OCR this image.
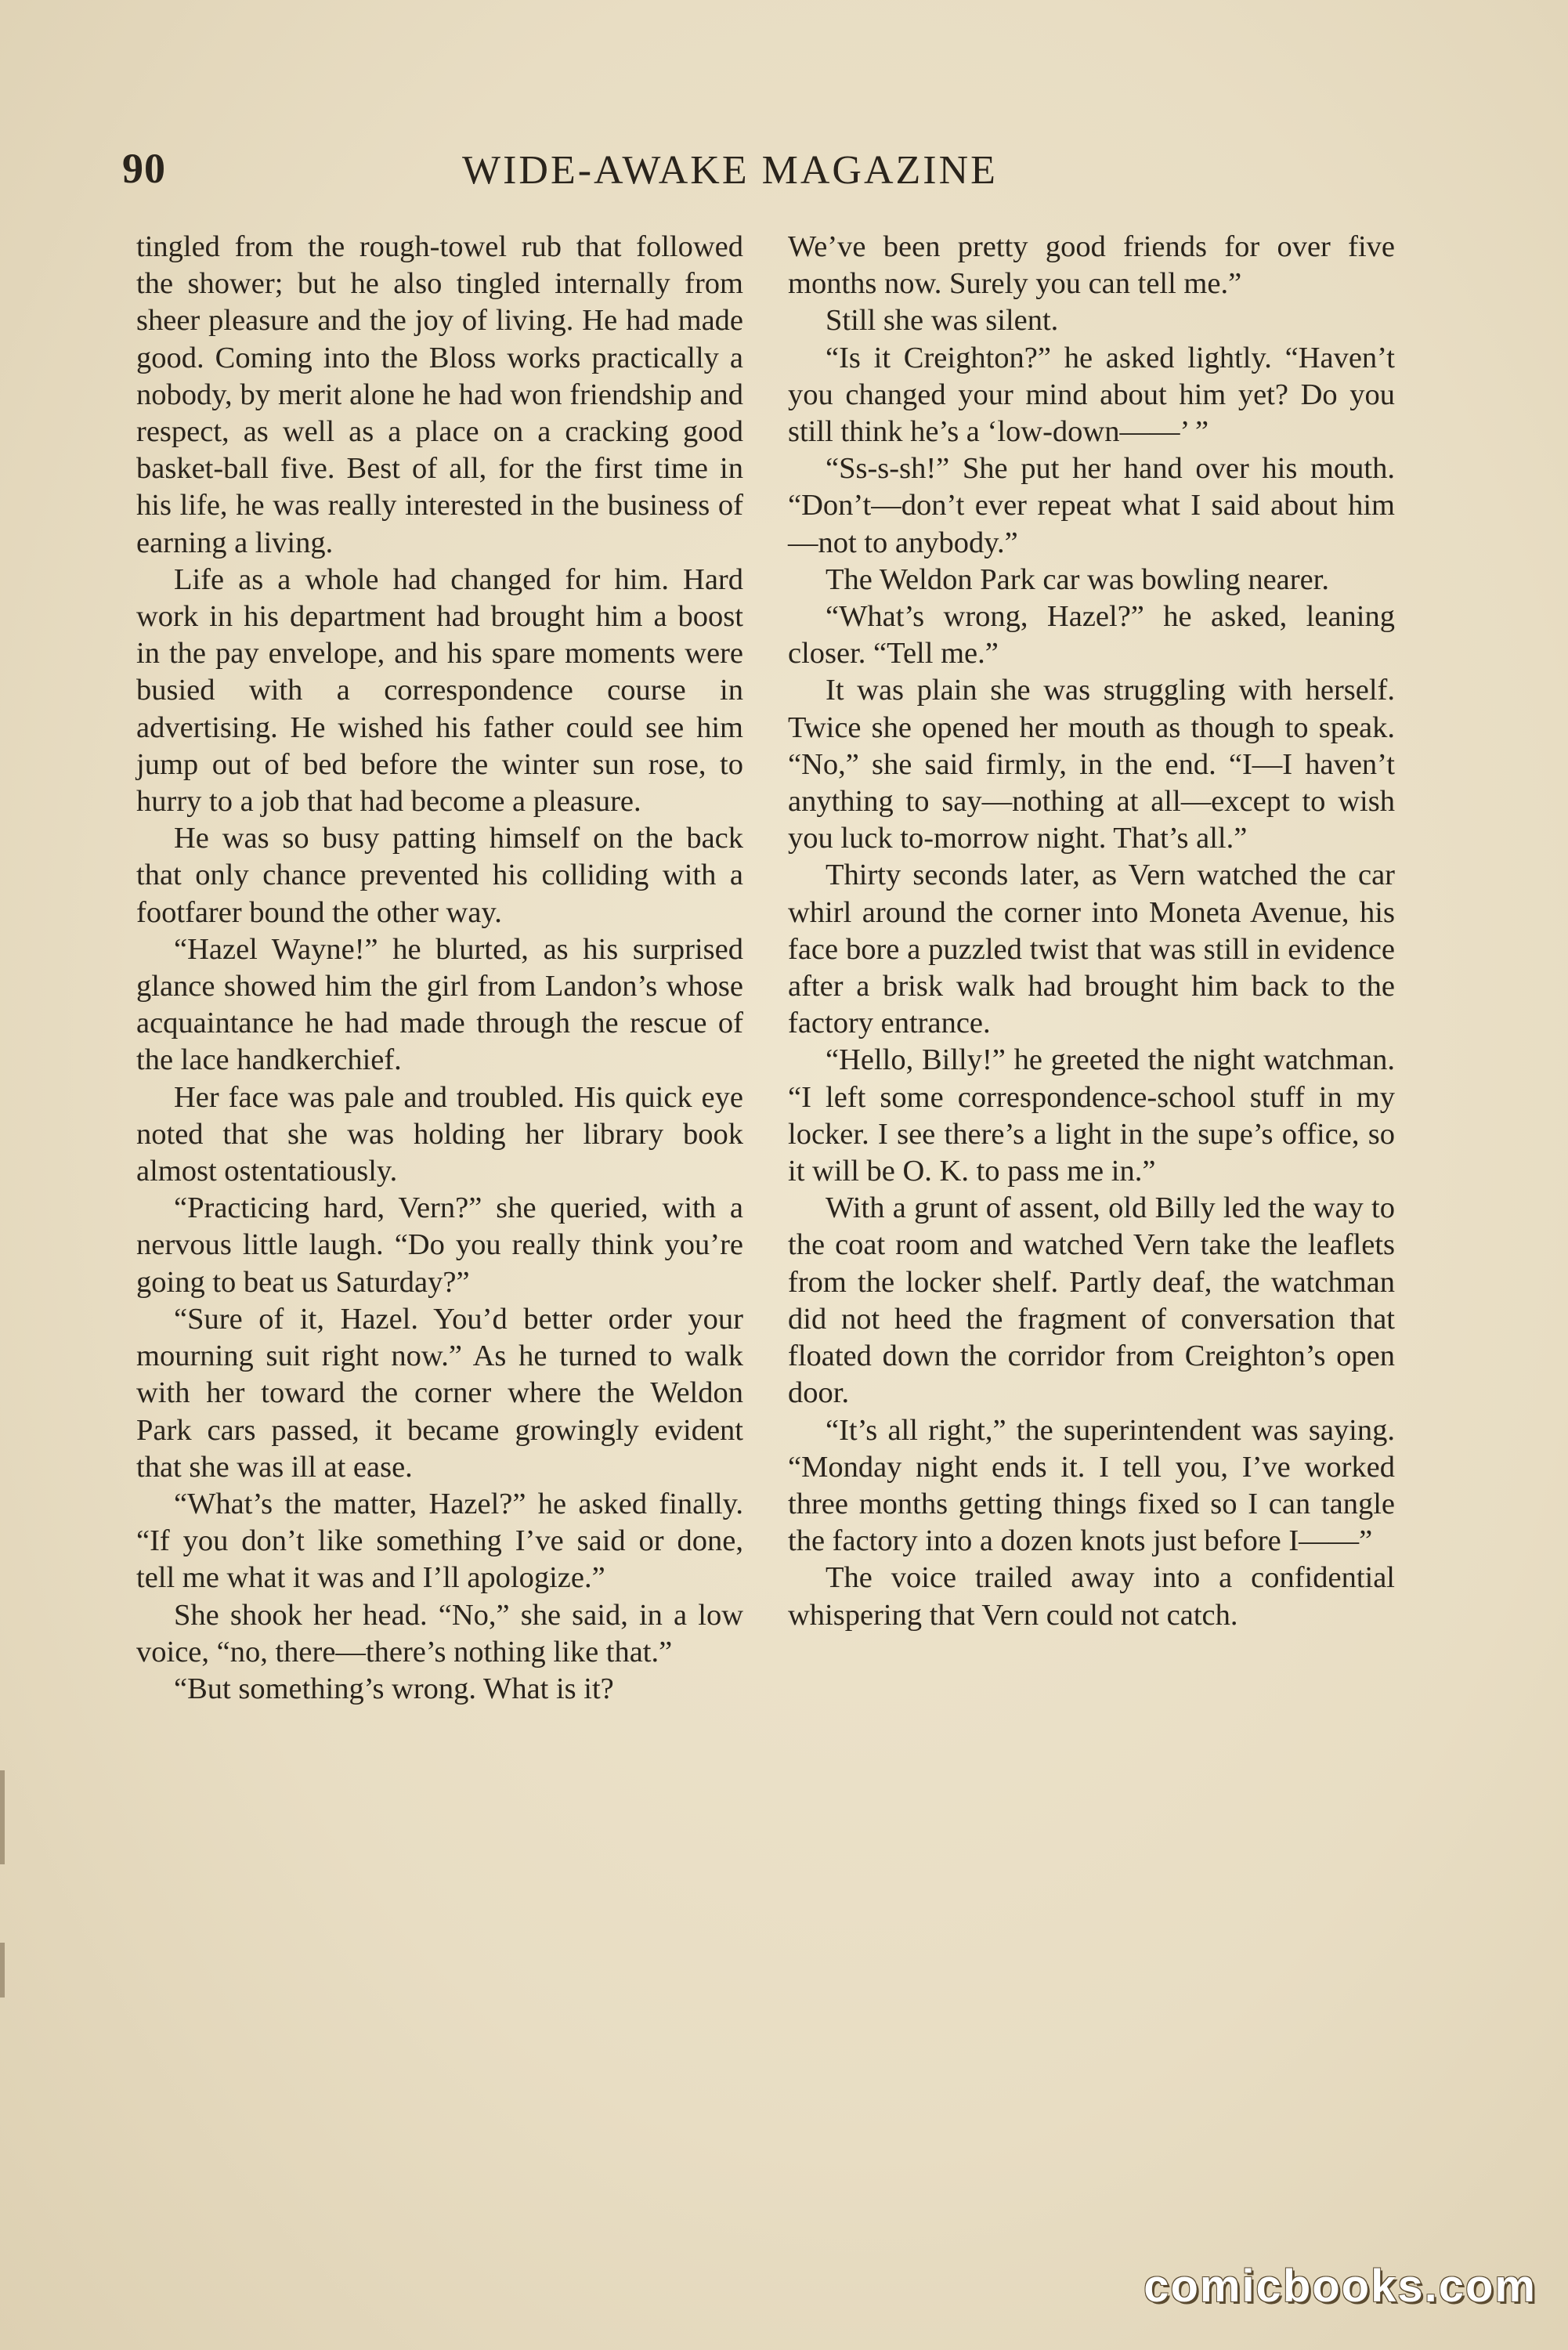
90	WIDE-AWAKE MAGAZINE

tingled from the rough-towel rub that followed the shower; but he also tingled internally from sheer pleasure and the joy of living. He had made good. Coming into the Bloss works practically a nobody, by merit alone he had won friendship and respect, as well as a place on a cracking good basket-ball five. Best of all, for the first time in his life, he was really interested in the business of earning a living.

Life as a whole had changed for him. Hard work in his department had brought him a boost in the pay envelope, and his spare moments were busied with a correspondence course in advertising. He wished his father could see him jump out of bed before the winter sun rose, to hurry to a job that had become a pleasure.

He was so busy patting himself on the back that only chance prevented his colliding with a footfarer bound the other way.

“Hazel Wayne!” he blurted, as his surprised glance showed him the girl from Landon’s whose acquaintance he had made through the rescue of the lace handkerchief.

Her face was pale and troubled. His quick eye noted that she was holding her library book almost ostentatiously.

“Practicing hard, Vern?” she queried, with a nervous little laugh. “Do you really think you’re going to beat us Saturday?”

“Sure of it, Hazel. You’d better order your mourning suit right now.” As he turned to walk with her toward the corner where the Weldon Park cars passed, it became growingly evident that she was ill at ease.

“What’s the matter, Hazel?” he asked finally. “If you don’t like something I’ve said or done, tell me what it was and I’ll apologize.”

She shook her head. “No,” she said, in a low voice, “no, there—there’s nothing like that.”

“But something’s wrong. What is it?

We’ve been pretty good friends for over five months now. Surely you can tell me.”

Still she was silent.

“Is it Creighton?” he asked lightly. “Haven’t you changed your mind about him yet? Do you still think he’s a ‘low-down——’ ”

“Ss-s-sh!” She put her hand over his mouth. “Don’t—don’t ever repeat what I said about him—not to anybody.”

The Weldon Park car was bowling nearer.

“What’s wrong, Hazel?” he asked, leaning closer. “Tell me.”

It was plain she was struggling with herself. Twice she opened her mouth as though to speak. “No,” she said firmly, in the end. “I—I haven’t anything to say—nothing at all—except to wish you luck to-morrow night. That’s all.”

Thirty seconds later, as Vern watched the car whirl around the corner into Moneta Avenue, his face bore a puzzled twist that was still in evidence after a brisk walk had brought him back to the factory entrance.

“Hello, Billy!” he greeted the night watchman. “I left some correspondence-school stuff in my locker. I see there’s a light in the supe’s office, so it will be O. K. to pass me in.”

With a grunt of assent, old Billy led the way to the coat room and watched Vern take the leaflets from the locker shelf. Partly deaf, the watchman did not heed the fragment of conversation that floated down the corridor from Creighton’s open door.

“It’s all right,” the superintendent was saying. “Monday night ends it. I tell you, I’ve worked three months getting things fixed so I can tangle the factory into a dozen knots just before I——”

The voice trailed away into a confidential whispering that Vern could not catch.

comicbooks.com
